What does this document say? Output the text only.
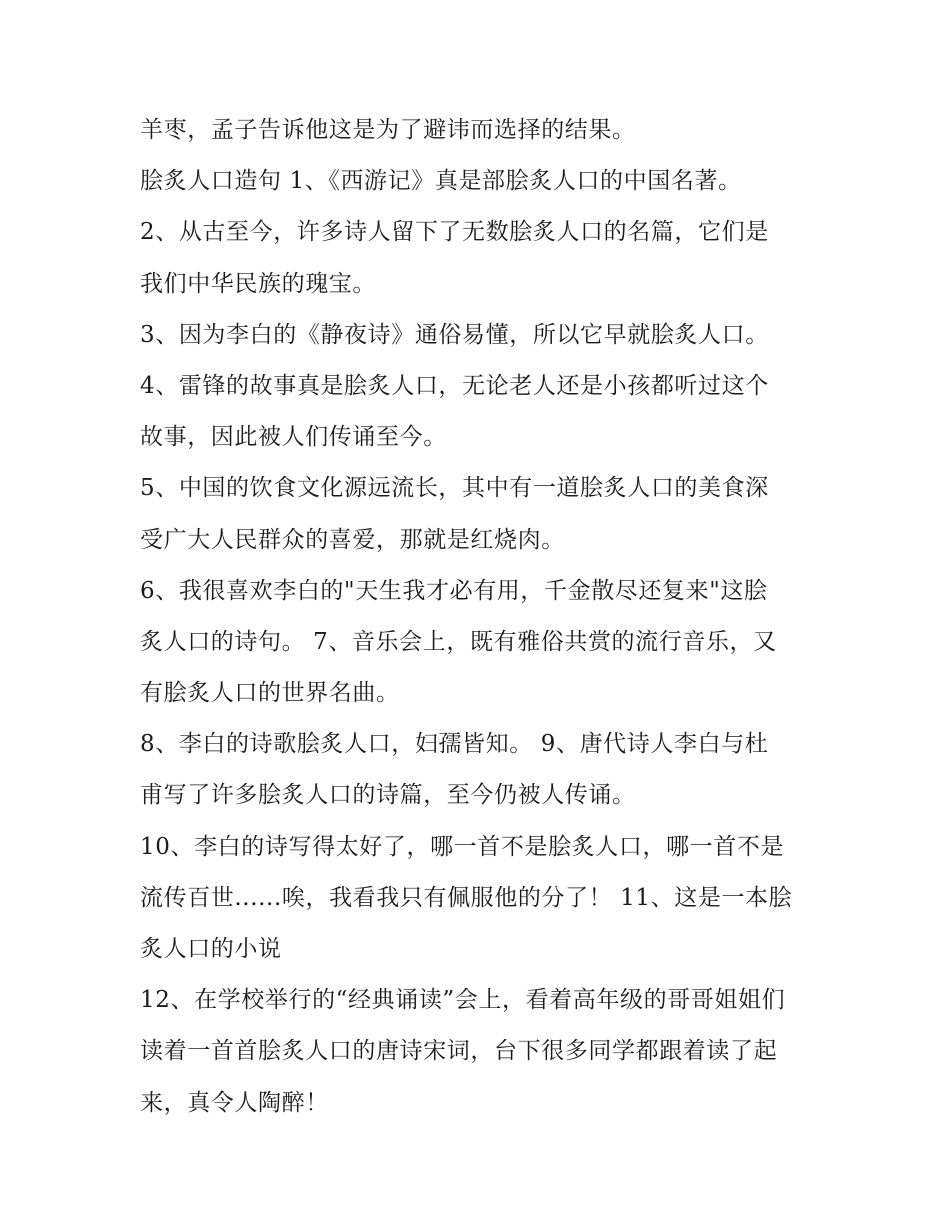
羊枣，孟子告诉他这是为了避讳而选择的结果。
脍炙人口造句 1、《西游记》真是部脍炙人口的中国名著。
2、从古至今，许多诗人留下了无数脍炙人口的名篇，它们是
我们中华民族的瑰宝。
3、因为李白的《静夜诗》通俗易懂，所以它早就脍炙人口。
4、雷锋的故事真是脍炙人口，无论老人还是小孩都听过这个
故事，因此被人们传诵至今。
5、中国的饮食文化源远流长，其中有一道脍炙人口的美食深
受广大人民群众的喜爱，那就是红烧肉。
6、我很喜欢李白的"天生我才必有用，千金散尽还复来"这脍
炙人口的诗句。 7、音乐会上，既有雅俗共赏的流行音乐，又
有脍炙人口的世界名曲。
8、李白的诗歌脍炙人口，妇孺皆知。 9、唐代诗人李白与杜
甫写了许多脍炙人口的诗篇，至今仍被人传诵。
10、李白的诗写得太好了，哪一首不是脍炙人口，哪一首不是
流传百世......唉，我看我只有佩服他的分了！ 11、这是一本脍
炙人口的小说
12、在学校举行的“经典诵读”会上，看着高年级的哥哥姐姐们
读着一首首脍炙人口的唐诗宋词，台下很多同学都跟着读了起
来，真令人陶醉！
